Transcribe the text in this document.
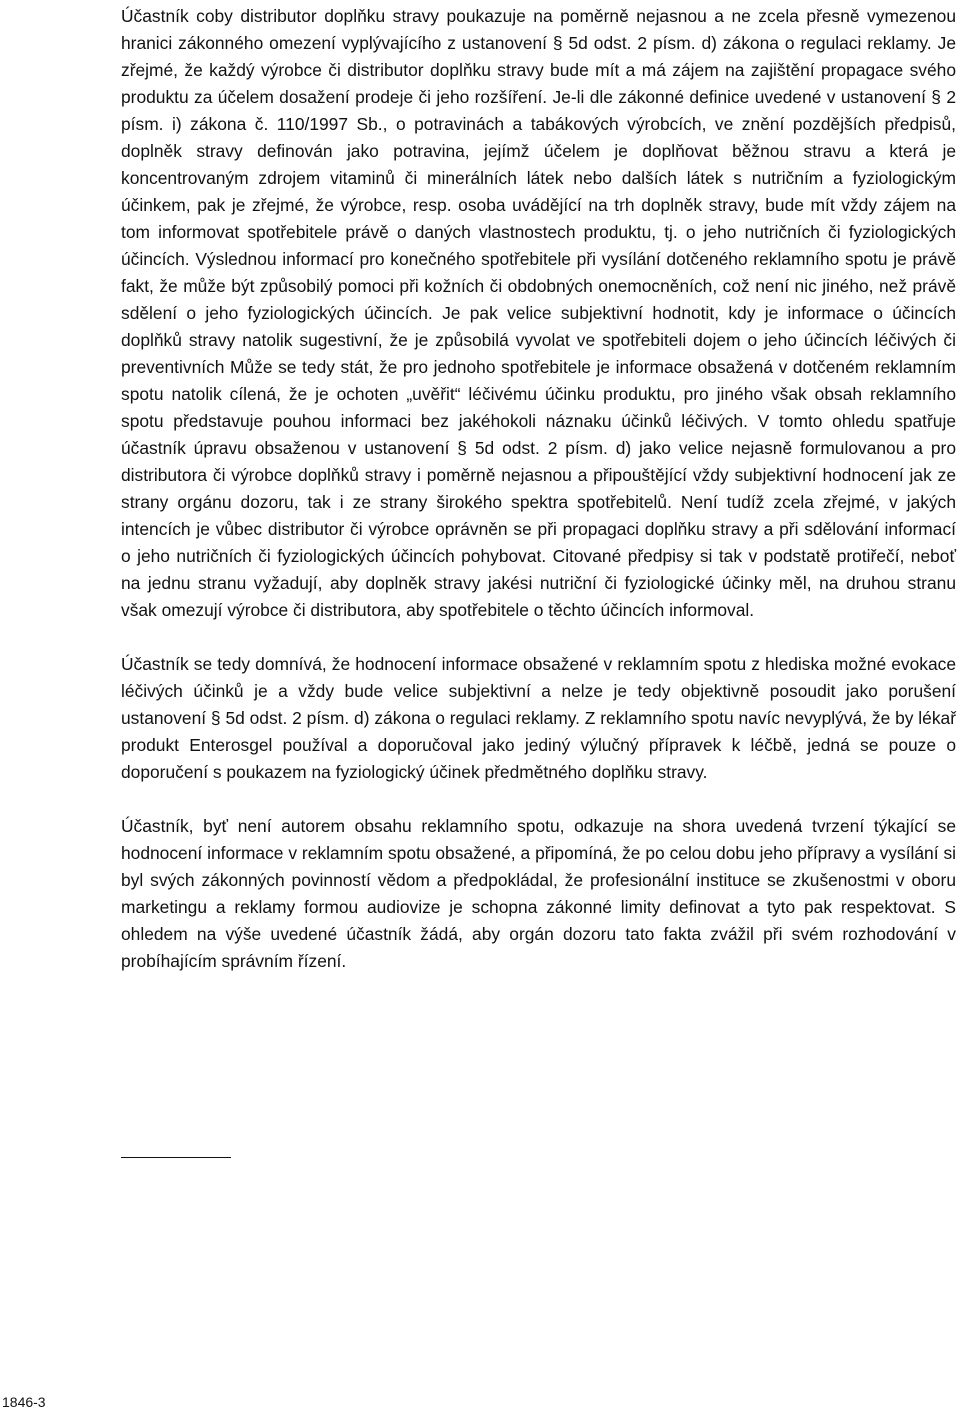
Účastník coby distributor doplňku stravy poukazuje na poměrně nejasnou a ne zcela přesně vymezenou hranici zákonného omezení vyplývajícího z ustanovení § 5d odst. 2 písm. d) zákona o regulaci reklamy. Je zřejmé, že každý výrobce či distributor doplňku stravy bude mít a má zájem na zajištění propagace svého produktu za účelem dosažení prodeje či jeho rozšíření. Je-li dle zákonné definice uvedené v ustanovení § 2 písm. i) zákona č. 110/1997 Sb., o potravinách a tabákových výrobcích, ve znění pozdějších předpisů, doplněk stravy definován jako potravina, jejímž účelem je doplňovat běžnou stravu a která je koncentrovaným zdrojem vitaminů či minerálních látek nebo dalších látek s nutričním a fyziologickým účinkem, pak je zřejmé, že výrobce, resp. osoba uvádějící na trh doplněk stravy, bude mít vždy zájem na tom informovat spotřebitele právě o daných vlastnostech produktu, tj. o jeho nutričních či fyziologických účincích. Výslednou informací pro konečného spotřebitele při vysílání dotčeného reklamního spotu je právě fakt, že může být způsobilý pomoci při kožních či obdobných onemocněních, což není nic jiného, než právě sdělení o jeho fyziologických účincích. Je pak velice subjektivní hodnotit, kdy je informace o účincích doplňků stravy natolik sugestivní, že je způsobilá vyvolat ve spotřebiteli dojem o jeho účincích léčivých či preventivních Může se tedy stát, že pro jednoho spotřebitele je informace obsažená v dotčeném reklamním spotu natolik cílená, že je ochoten „uvěřit“ léčivému účinku produktu, pro jiného však obsah reklamního spotu představuje pouhou informaci bez jakéhokoli náznaku účinků léčivých. V tomto ohledu spatřuje účastník úpravu obsaženou v ustanovení § 5d odst. 2 písm. d) jako velice nejasně formulovanou a pro distributora či výrobce doplňků stravy i poměrně nejasnou a připouštějící vždy subjektivní hodnocení jak ze strany orgánu dozoru, tak i ze strany širokého spektra spotřebitelů. Není tudíž zcela zřejmé, v jakých intencích je vůbec distributor či výrobce oprávněn se při propagaci doplňku stravy a při sdělování informací o jeho nutričních či fyziologických účincích pohybovat. Citované předpisy si tak v podstatě protiřečí, neboť na jednu stranu vyžadují, aby doplněk stravy jakési nutriční či fyziologické účinky měl, na druhou stranu však omezují výrobce či distributora, aby spotřebitele o těchto účincích informoval.

Účastník se tedy domnívá, že hodnocení informace obsažené v reklamním spotu z hlediska možné evokace léčivých účinků je a vždy bude velice subjektivní a nelze je tedy objektivně posoudit jako porušení ustanovení § 5d odst. 2 písm. d) zákona o regulaci reklamy. Z reklamního spotu navíc nevyplývá, že by lékař produkt Enterosgel používal a doporučoval jako jediný výlučný přípravek k léčbě, jedná se pouze o doporučení s poukazem na fyziologický účinek předmětného doplňku stravy.

Účastník, byť není autorem obsahu reklamního spotu, odkazuje na shora uvedená tvrzení týkající se hodnocení informace v reklamním spotu obsažené, a připomíná, že po celou dobu jeho přípravy a vysílání si byl svých zákonných povinností vědom a předpokládal, že profesionální instituce se zkušenostmi v oboru marketingu a reklamy formou audiovize je schopna zákonné limity definovat a tyto pak respektovat. S ohledem na výše uvedené účastník žádá, aby orgán dozoru tato fakta zvážil při svém rozhodování v probíhajícím správním řízení.

1846-3
